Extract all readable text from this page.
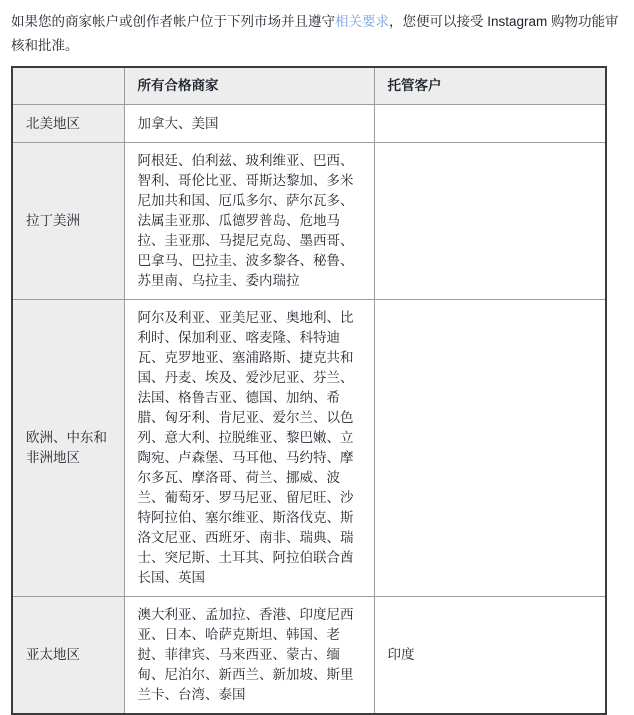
如果您的商家帐户或创作者帐户位于下列市场并且遵守相关要求，您便可以接受 Instagram 购物功能审核和批准。

	所有合格商家	托管客户
北美地区	加拿大、美国	
拉丁美洲	阿根廷、伯利兹、玻利维亚、巴西、智利、哥伦比亚、哥斯达黎加、多米尼加共和国、厄瓜多尔、萨尔瓦多、法属圭亚那、瓜德罗普岛、危地马拉、圭亚那、马提尼克岛、墨西哥、巴拿马、巴拉圭、波多黎各、秘鲁、苏里南、乌拉圭、委内瑞拉	
欧洲、中东和非洲地区	阿尔及利亚、亚美尼亚、奥地利、比利时、保加利亚、喀麦隆、科特迪瓦、克罗地亚、塞浦路斯、捷克共和国、丹麦、埃及、爱沙尼亚、芬兰、法国、格鲁吉亚、德国、加纳、希腊、匈牙利、肯尼亚、爱尔兰、以色列、意大利、拉脱维亚、黎巴嫩、立陶宛、卢森堡、马耳他、马约特、摩尔多瓦、摩洛哥、荷兰、挪威、波兰、葡萄牙、罗马尼亚、留尼旺、沙特阿拉伯、塞尔维亚、斯洛伐克、斯洛文尼亚、西班牙、南非、瑞典、瑞士、突尼斯、土耳其、阿拉伯联合酋长国、英国	
亚太地区	澳大利亚、孟加拉、香港、印度尼西亚、日本、哈萨克斯坦、韩国、老挝、菲律宾、马来西亚、蒙古、缅甸、尼泊尔、新西兰、新加坡、斯里兰卡、台湾、泰国	印度
